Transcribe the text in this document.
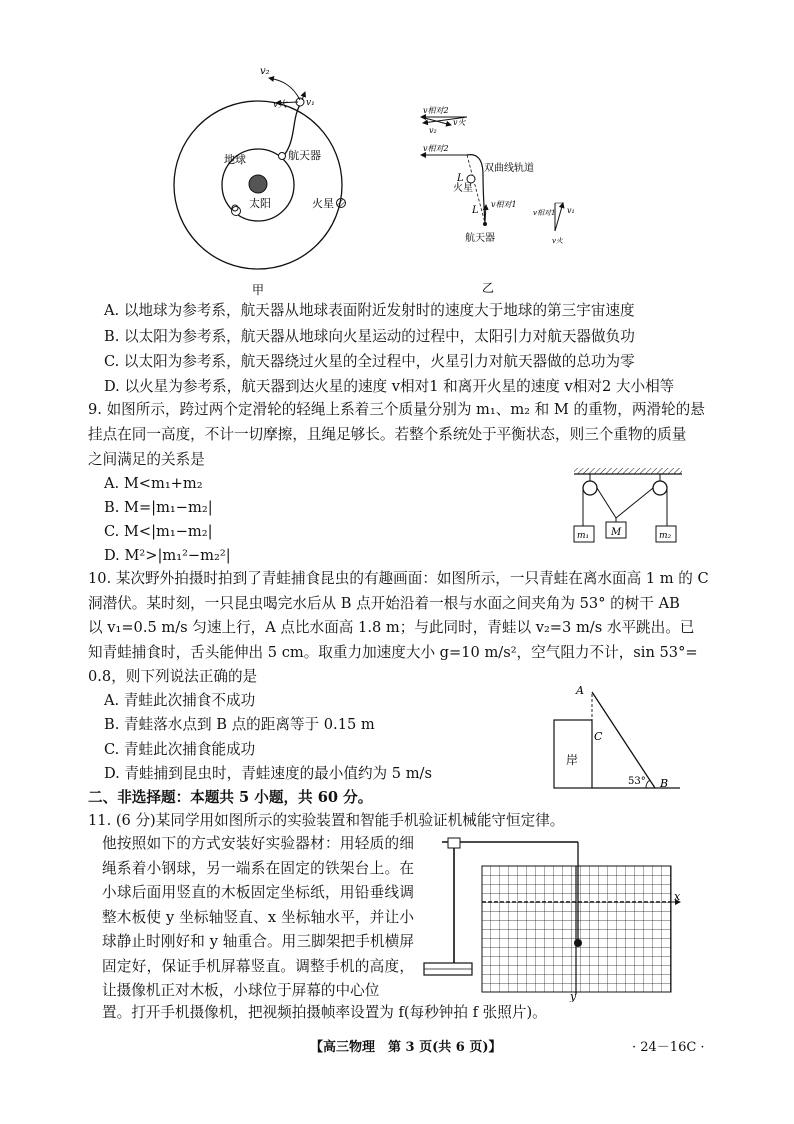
太阳
地球	航天器
火星
v₂
v火 v₁
甲
v相对2
v火
v₂
v相对2
双曲线轨道
火星
L
L
v相对1
航天器
v相对1 v₁
v火
乙
A. 以地球为参考系，航天器从地球表面附近发射时的速度大于地球的第三宇宙速度
B. 以太阳为参考系，航天器从地球向火星运动的过程中，太阳引力对航天器做负功
C. 以太阳为参考系，航天器绕过火星的全过程中，火星引力对航天器做的总功为零
D. 以火星为参考系，航天器到达火星的速度 v相对1 和离开火星的速度 v相对2 大小相等
9. 如图所示，跨过两个定滑轮的轻绳上系着三个质量分别为 m₁、m₂ 和 M 的重物，两滑轮的悬
挂点在同一高度，不计一切摩擦，且绳足够长。若整个系统处于平衡状态，则三个重物的质量
之间满足的关系是
A. M<m₁+m₂
B. M=|m₁−m₂|
C. M<|m₁−m₂|
D. M²>|m₁²−m₂²|
m₁ M	m₂
10. 某次野外拍摄时拍到了青蛙捕食昆虫的有趣画面：如图所示，一只青蛙在离水面高 1 m 的 C
洞潜伏。某时刻，一只昆虫喝完水后从 B 点开始沿着一根与水面之间夹角为 53° 的树干 AB
以 v₁=0.5 m/s 匀速上行，A 点比水面高 1.8 m；与此同时，青蛙以 v₂=3 m/s 水平跳出。已
知青蛙捕食时，舌头能伸出 5 cm。取重力加速度大小 g=10 m/s²，空气阻力不计，sin 53°=
0.8，则下列说法正确的是
A. 青蛙此次捕食不成功
B. 青蛙落水点到 B 点的距离等于 0.15 m
C. 青蛙此次捕食能成功
D. 青蛙捕到昆虫时，青蛙速度的最小值约为 5 m/s
岸
A
C
53° B
二、非选择题：本题共 5 小题，共 60 分。
11. (6 分)某同学用如图所示的实验装置和智能手机验证机械能守恒定律。
他按照如下的方式安装好实验器材：用轻质的细绳系着小钢球，另一端系在固定的铁架台上。在小球后面用竖直的木板固定坐标纸，用铅垂线调整木板使 y 坐标轴竖直、x 坐标轴水平，并让小球静止时刚好和 y 轴重合。用三脚架把手机横屏固定好，保证手机屏幕竖直。调整手机的高度，让摄像机正对木板，小球位于屏幕的中心位
置。打开手机摄像机，把视频拍摄帧率设置为 f(每秒钟拍 f 张照片)。
x
y
【高三物理　第 3 页(共 6 页)】	· 24－16C ·
